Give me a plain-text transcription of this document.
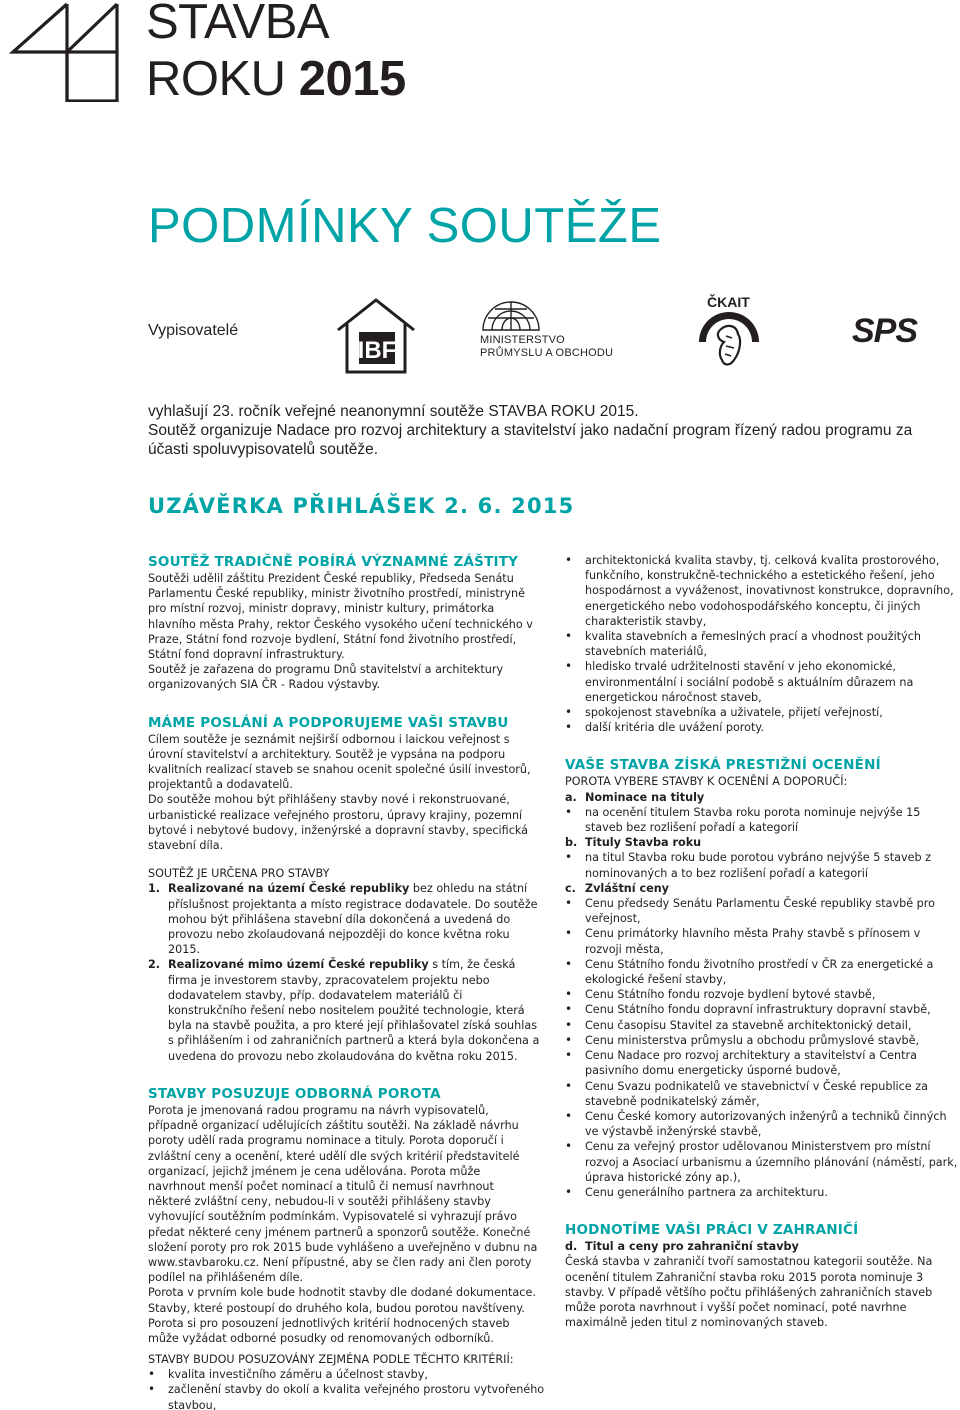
STAVBA
ROKU 2015
PODMÍNKY SOUTĚŽE
Vypisovatelé
IBF	MINISTERSTVO
PRŮMYSLU A OBCHODU
ČKAIT
SPS

vyhlašují 23. ročník veřejné neanonymní soutěže STAVBA ROKU 2015.

Soutěž organizuje Nadace pro rozvoj architektury a stavitelství jako nadační program řízený radou programu za účasti spoluvypisovatelů soutěže.

UZÁVĚRKA PŘIHLÁŠEK 2. 6. 2015
SOUTĚŽ TRADIČNĚ POBÍRÁ VÝZNAMNÉ ZÁŠTITY

Soutěži udělil záštitu Prezident České republiky, Předseda Senátu Parlamentu České republiky, ministr životního prostředí, ministryně pro místní rozvoj, ministr dopravy, ministr kultury, primátorka hlavního města Prahy, rektor Českého vysokého učení technického v Praze, Státní fond rozvoje bydlení, Státní fond životního prostředí, Státní fond dopravní infrastruktury.

Soutěž je zařazena do programu Dnů stavitelství a architektury organizovaných SIA ČR - Radou výstavby.

MÁME POSLÁNÍ A PODPORUJEME VAŠI STAVBU

Cílem soutěže je seznámit nejširší odbornou i laickou veřejnost s úrovní stavitelství a architektury. Soutěž je vypsána na podporu kvalitních realizací staveb se snahou ocenit společné úsilí investorů, projektantů a dodavatelů.

Do soutěže mohou být přihlášeny stavby nové i rekonstruované, urbanistické realizace veřejného prostoru, úpravy krajiny, pozemní bytové i nebytové budovy, inženýrské a dopravní stavby, specifická stavební díla.

SOUTĚŽ JE URČENA PRO STAVBY

1. Realizované na území České republiky bez ohledu na státní příslušnost projektanta a místo registrace dodavatele. Do soutěže mohou být přihlášena stavební díla dokončená a uvedená do provozu nebo zkolaudovaná nejpozději do konce května roku 2015.
2. Realizované mimo území České republiky s tím, že česká firma je investorem stavby, zpracovatelem projektu nebo dodavatelem stavby, příp. dodavatelem materiálů či konstrukčního řešení nebo nositelem použité technologie, která byla na stavbě použita, a pro které její přihlašovatel získá souhlas s přihlášením i od zahraničních partnerů a která byla dokončena a uvedena do provozu nebo zkolaudována do května roku 2015.
STAVBY POSUZUJE ODBORNÁ POROTA

Porota je jmenovaná radou programu na návrh vypisovatelů, případně organizací udělujících záštitu soutěži. Na základě návrhu poroty udělí rada programu nominace a tituly. Porota doporučí i zvláštní ceny a ocenění, které udělí dle svých kritérií představitelé organizací, jejichž jménem je cena udělována. Porota může navrhnout menší počet nominací a titulů či nemusí navrhnout některé zvláštní ceny, nebudou-li v soutěži přihlášeny stavby vyhovující soutěžním podmínkám. Vypisovatelé si vyhrazují právo předat některé ceny jménem partnerů a sponzorů soutěže. Konečné složení poroty pro rok 2015 bude vyhlášeno a uveřejněno v dubnu na www.stavbaroku.cz. Není přípustné, aby se člen rady ani člen poroty podílel na přihlášeném díle.

Porota v prvním kole bude hodnotit stavby dle dodané dokumentace. Stavby, které postoupí do druhého kola, budou porotou navštíveny.

Porota si pro posouzení jednotlivých kritérií hodnocených staveb může vyžádat odborné posudky od renomovaných odborníků.

STAVBY BUDOU POSUZOVÁNY ZEJMÉNA PODLE TĚCHTO KRITÉRIÍ:

• kvalita investičního záměru a účelnost stavby,
• začlenění stavby do okolí a kvalita veřejného prostoru vytvořeného stavbou,
• architektonická kvalita stavby, tj. celková kvalita prostorového, funkčního, konstrukčně-technického a estetického řešení, jeho hospodárnost a vyváženost, inovativnost konstrukce, dopravního, energetického nebo vodohospodářského konceptu, či jiných charakteristik stavby,
• kvalita stavebních a řemeslných prací a vhodnost použitých stavebních materiálů,
• hledisko trvalé udržitelnosti stavění v jeho ekonomické, environmentální i sociální podobě s aktuálním důrazem na energetickou náročnost staveb,
• spokojenost stavebníka a uživatele, přijetí veřejností,
• další kritéria dle uvážení poroty.
VAŠE STAVBA ZÍSKÁ PRESTIŽNÍ OCENĚNÍ

POROTA VYBERE STAVBY K OCENĚNÍ A DOPORUČÍ:

a. Nominace na tituly
• na ocenění titulem Stavba roku porota nominuje nejvýše 15 staveb bez rozlišení pořadí a kategorií
b. Tituly Stavba roku
• na titul Stavba roku bude porotou vybráno nejvýše 5 staveb z nominovaných a to bez rozlišení pořadí a kategorií
c. Zvláštní ceny
• Cenu předsedy Senátu Parlamentu České republiky stavbě pro veřejnost,
• Cenu primátorky hlavního města Prahy stavbě s přínosem v rozvoji města,
• Cenu Státního fondu životního prostředí v ČR za energetické a ekologické řešení stavby,
• Cenu Státního fondu rozvoje bydlení bytové stavbě,
• Cenu Státního fondu dopravní infrastruktury dopravní stavbě,
• Cenu časopisu Stavitel za stavebně architektonický detail,
• Cenu ministerstva průmyslu a obchodu průmyslové stavbě,
• Cenu Nadace pro rozvoj architektury a stavitelství a Centra pasivního domu energeticky úsporné budově,
• Cenu Svazu podnikatelů ve stavebnictví v České republice za stavebně podnikatelský záměr,
• Cenu České komory autorizovaných inženýrů a techniků činných ve výstavbě inženýrské stavbě,
• Cenu za veřejný prostor udělovanou Ministerstvem pro místní rozvoj a Asociací urbanismu a územního plánování (náměstí, park, úprava historické zóny ap.),
• Cenu generálního partnera za architekturu.
HODNOTÍME VAŠI PRÁCI V ZAHRANIČÍ
d. Titul a ceny pro zahraniční stavby

Česká stavba v zahraničí tvoří samostatnou kategorii soutěže. Na ocenění titulem Zahraniční stavba roku 2015 porota nominuje 3 stavby. V případě většího počtu přihlášených zahraničních staveb může porota navrhnout i vyšší počet nominací, poté navrhne maximálně jeden titul z nominovaných staveb.
